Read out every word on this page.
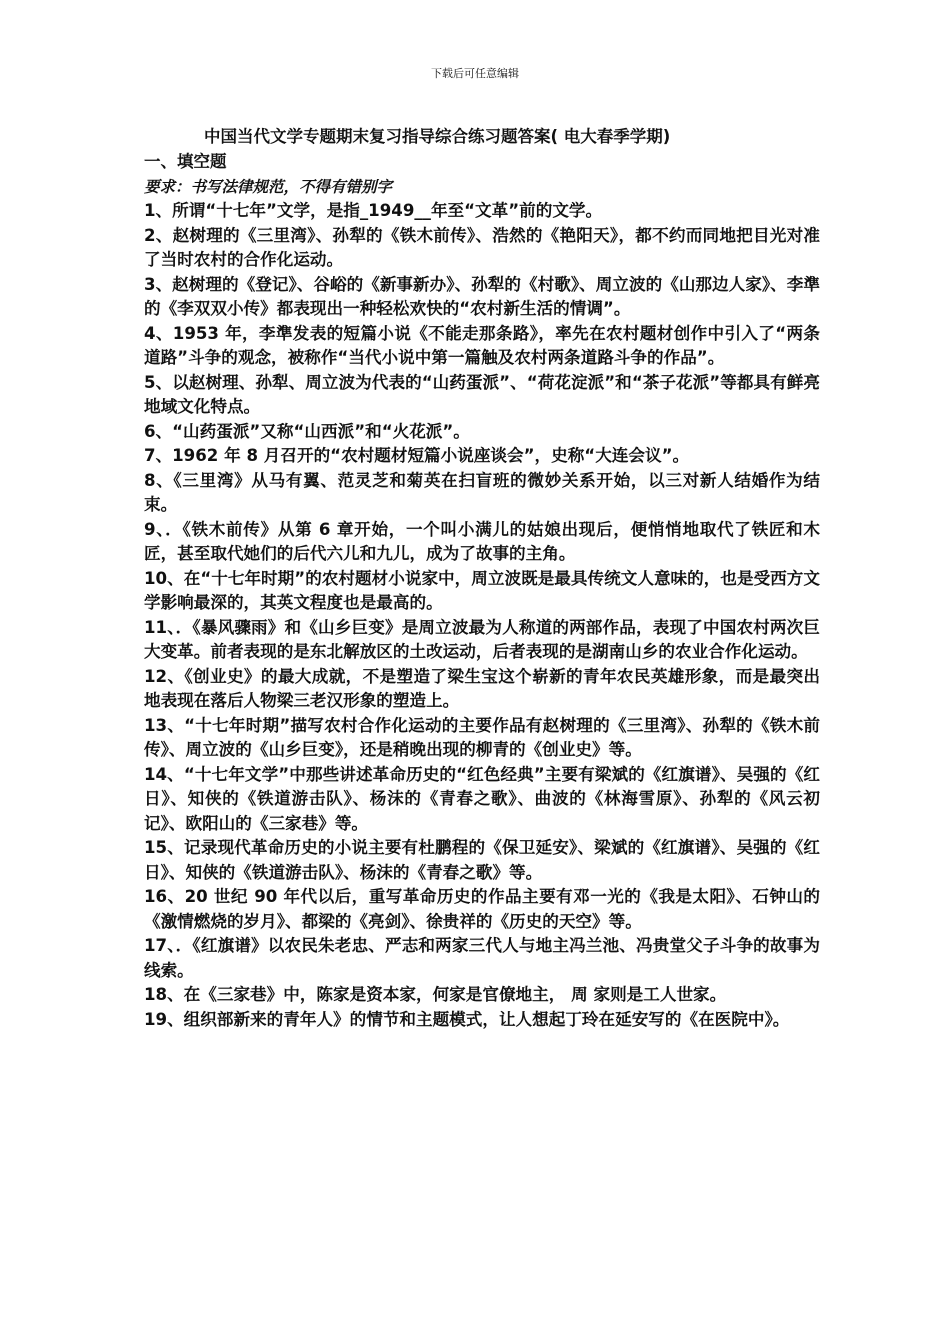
下载后可任意编辑
中国当代文学专题期末复习指导综合练习题答案( 电大春季学期)
一、填空题

要求：书写法律规范，不得有错别字

1、所谓“十七年”文学，是指_1949__年至“文革”前的文学。
2、赵树理的《三里湾》、孙犁的《铁木前传》、浩然的《艳阳天》，都不约而同地把目光对准了当时农村的合作化运动。
3、赵树理的《登记》、谷峪的《新事新办》、孙犁的《村歌》、周立波的《山那边人家》、李準的《李双双小传》都表现出一种轻松欢快的“农村新生活的情调”。
4、1953 年，李準发表的短篇小说《不能走那条路》，率先在农村题材创作中引入了“两条道路”斗争的观念，被称作“当代小说中第一篇触及农村两条道路斗争的作品”。
5、以赵树理、孙犁、周立波为代表的“山药蛋派”、“荷花淀派”和“茶子花派”等都具有鲜亮地域文化特点。
6、“山药蛋派”又称“山西派”和“火花派”。
7、1962 年 8 月召开的“农村题材短篇小说座谈会”，史称“大连会议”。
8、《三里湾》从马有翼、范灵芝和菊英在扫盲班的微妙关系开始，以三对新人结婚作为结束。
9、．《铁木前传》从第 6 章开始，一个叫小满儿的姑娘出现后，便悄悄地取代了铁匠和木匠，甚至取代她们的后代六儿和九儿，成为了故事的主角。
10、在“十七年时期”的农村题材小说家中，周立波既是最具传统文人意味的，也是受西方文学影响最深的，其英文程度也是最高的。
11、．《暴风骤雨》和《山乡巨变》是周立波最为人称道的两部作品，表现了中国农村两次巨大变革。前者表现的是东北解放区的土改运动，后者表现的是湖南山乡的农业合作化运动。
12、《创业史》的最大成就，不是塑造了梁生宝这个崭新的青年农民英雄形象，而是最突出地表现在落后人物梁三老汉形象的塑造上。
13、“十七年时期”描写农村合作化运动的主要作品有赵树理的《三里湾》、孙犁的《铁木前传》、周立波的《山乡巨变》，还是稍晚出现的柳青的《创业史》等。
14、“十七年文学”中那些讲述革命历史的“红色经典”主要有梁斌的《红旗谱》、吴强的《红日》、知侠的《铁道游击队》、杨沫的《青春之歌》、曲波的《林海雪原》、孙犁的《风云初记》、欧阳山的《三家巷》等。
15、记录现代革命历史的小说主要有杜鹏程的《保卫延安》、梁斌的《红旗谱》、吴强的《红日》、知侠的《铁道游击队》、杨沫的《青春之歌》等。
16、20 世纪 90 年代以后，重写革命历史的作品主要有邓一光的《我是太阳》、石钟山的《激情燃烧的岁月》、都梁的《亮剑》、徐贵祥的《历史的天空》等。
17、．《红旗谱》以农民朱老忠、严志和两家三代人与地主冯兰池、冯贵堂父子斗争的故事为线索。
18、在《三家巷》中，陈家是资本家，何家是官僚地主， 周 家则是工人世家。
19、组织部新来的青年人》的情节和主题模式，让人想起丁玲在延安写的《在医院中》。
